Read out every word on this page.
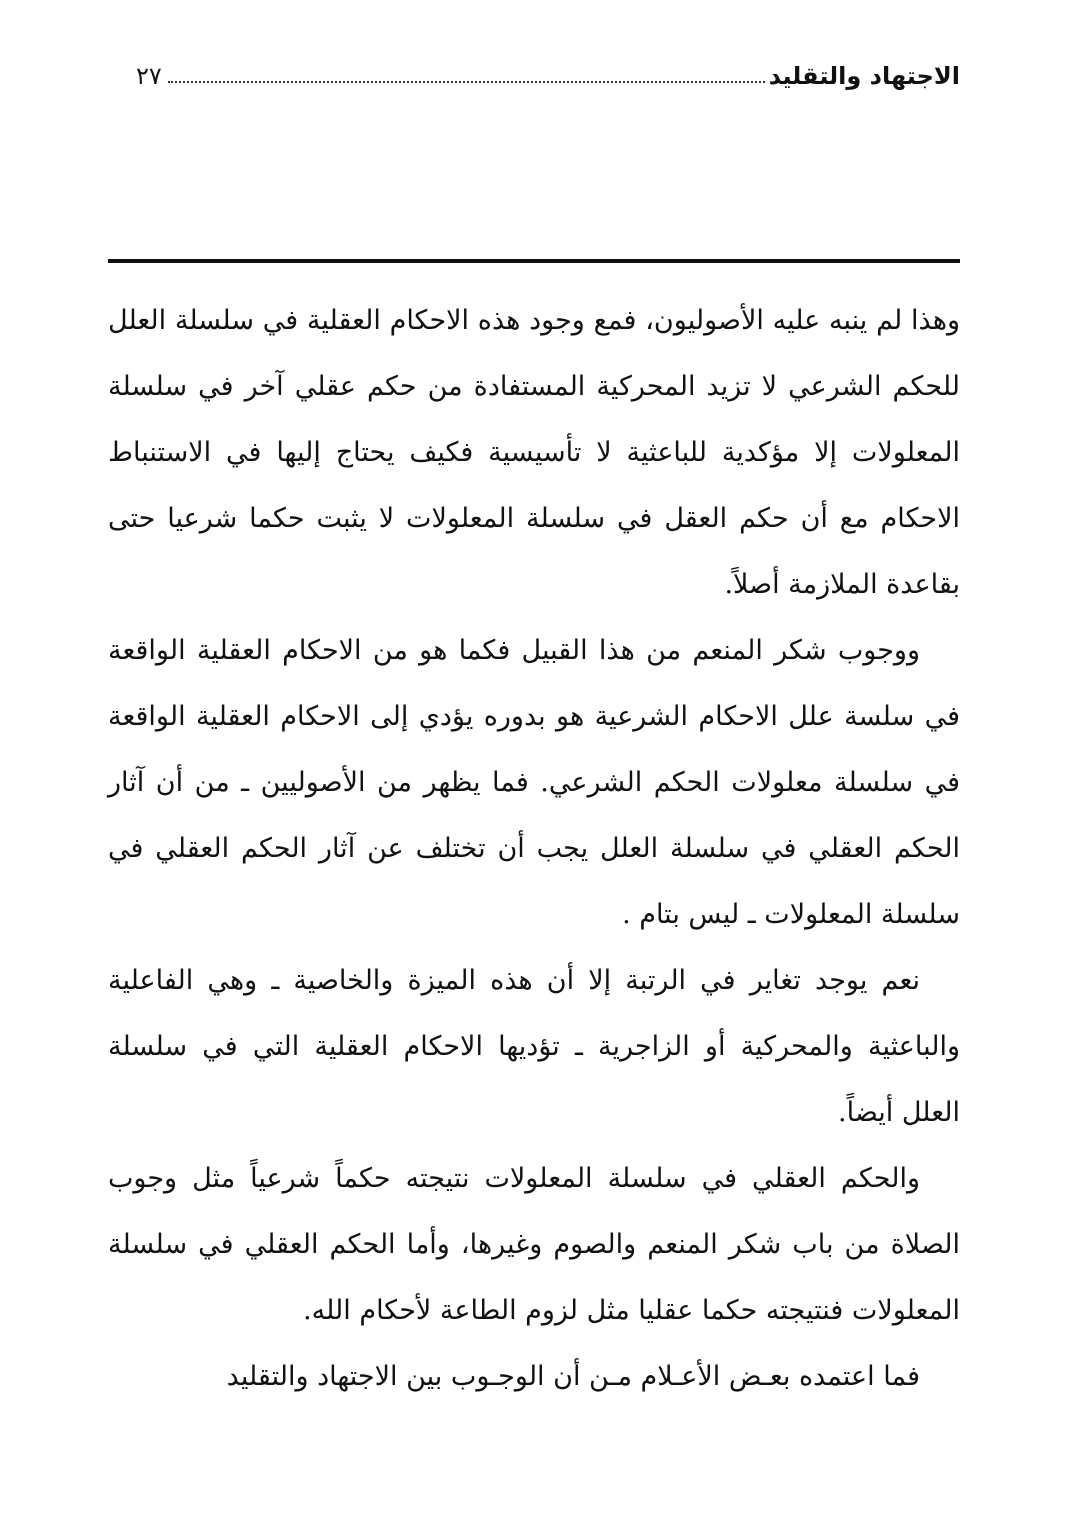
الاجتهاد والتقليد
٢٧

وهذا لم ينبه عليه الأصوليون، فمع وجود هذه الاحكام العقلية في سلسلة العلل للحكم الشرعي لا تزيد المحركية المستفادة من حكم عقلي آخر في سلسلة المعلولات إلا مؤكدية للباعثية لا تأسيسية فكيف يحتاج إليها في الاستنباط الاحكام مع أن حكم العقل في سلسلة المعلولات لا يثبت حكما شرعيا حتى بقاعدة الملازمة أصلاً.

ووجوب شكر المنعم من هذا القبيل فكما هو من الاحكام العقلية الواقعة في سلسة علل الاحكام الشرعية هو بدوره يؤدي إلى الاحكام العقلية الواقعة في سلسلة معلولات الحكم الشرعي. فما يظهر من الأصوليين ـ من أن آثار الحكم العقلي في سلسلة العلل يجب أن تختلف عن آثار الحكم العقلي في سلسلة المعلولات ـ ليس بتام .

نعم يوجد تغاير في الرتبة إلا أن هذه الميزة والخاصية ـ وهي الفاعلية والباعثية والمحركية أو الزاجرية ـ تؤديها الاحكام العقلية التي في سلسلة العلل أيضاً.

والحكم العقلي في سلسلة المعلولات نتيجته حكماً شرعياً مثل وجوب الصلاة من باب شكر المنعم والصوم وغيرها، وأما الحكم العقلي في سلسلة المعلولات فنتيجته حكما عقليا مثل لزوم الطاعة لأحكام الله.

فما اعتمده بعـض الأعـلام مـن أن الوجـوب بين الاجتهاد والتقليد
